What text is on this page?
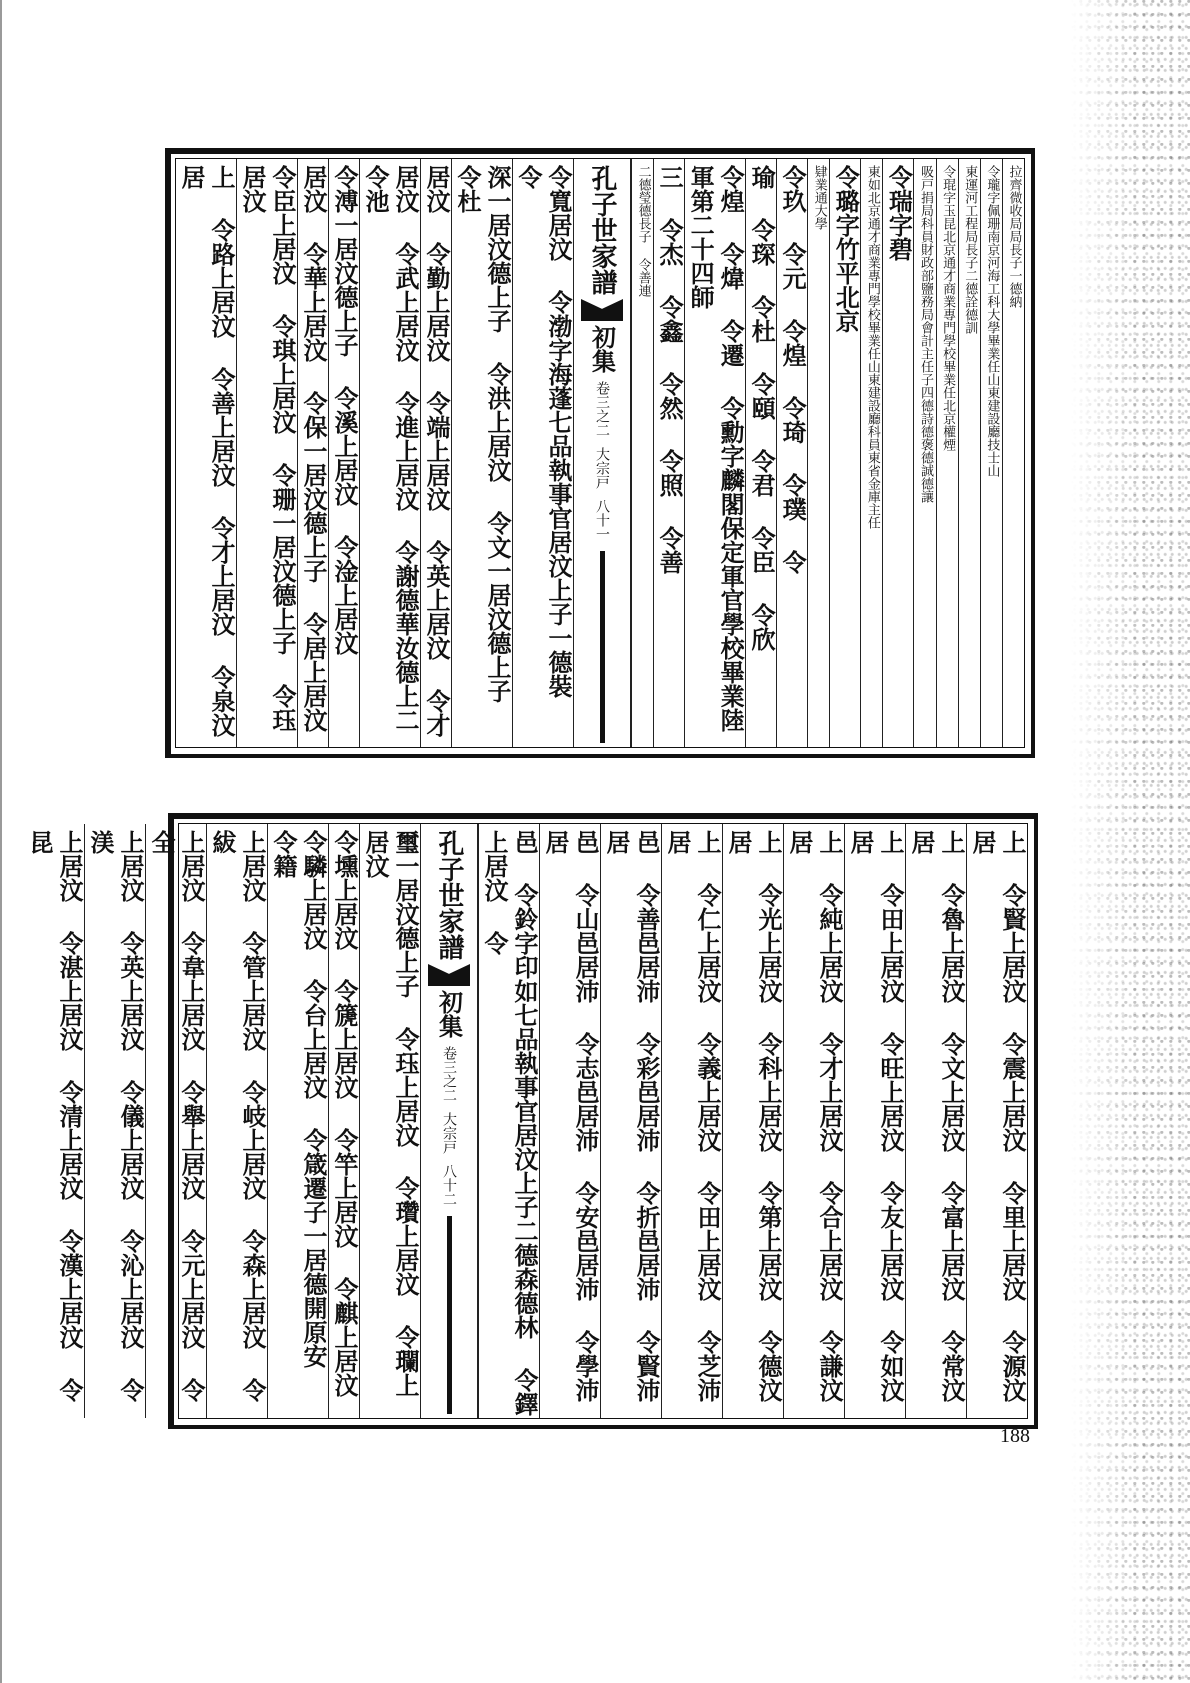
拉齊微收局局長子一德納
令瓏字佩珊南京河海工科大學畢業任山東建設廳技士山
東運河工程局長子二德詮德訓
令琨字玉昆北京通才商業專門學校畢業任北京權煙
吸戸捐局科員財政部鹽務局會計主任子四德詩德褒德誠德讓
令瑞字碧
東如北京通才商業專門學校畢業任山東建設廳科員東省金庫主任
令璐字竹平北京
肄業通大學
令玖 令元 令煌 令琦 令璞 令
瑜 令琛 令杜 令頤 令君 令臣 令欣
令煌 令煒 令遷 令勳字麟閣保定軍官學校畢業陸軍第二十四師
三 令杰 令鑫 令然 令照 令善
二德瑩德長子 令善連
孔子世家譜
初集
卷三之二
大宗戸
八十一
令寬居汶 令渤字海蓬七品執事官居汶上子一德裝 令
深一居汶德上子 令洪上居汶 令文一居汶德上子 令杜
居汶 令勤上居汶 令端上居汶 令英上居汶 令才
居汶 令武上居汶 令進上居汶 令謝德華汝德上二 令池
令溥一居汶德上子 令溪上居汶 令淦上居汶
居汶 令華上居汶 令保一居汶德上子 令居上居汶
令臣上居汶 令琪上居汶 令珊一居汶德上子 令珏居汶
上 令路上居汶 令善上居汶 令才上居汶 令泉汶居
上 令賢上居汶 令震上居汶 令里上居汶 令源汶居
上 令魯上居汶 令文上居汶 令富上居汶 令常汶居
上 令田上居汶 令旺上居汶 令友上居汶 令如汶居
上 令純上居汶 令才上居汶 令合上居汶 令謙汶居
上 令光上居汶 令科上居汶 令第上居汶 令德汶居
上 令仁上居汶 令義上居汶 令田上居汶 令芝沛居
邑 令善邑居沛 令彩邑居沛 令折邑居沛 令賢沛居
邑 令山邑居沛 令志邑居沛 令安邑居沛 令學沛居
邑 令鈴字印如七品執事官居汶上子二德森德林 令鐸上居汶 令
孔子世家譜
初集
卷三之二
大宗戸
八十二
璽一居汶德上子 令珏上居汶 令瓚上居汶 令瓓上居汶
令壎上居汶 令篪上居汶 令竿上居汶 令麒上居汶
令驎上居汶 令台上居汶 令箴遷子一居德開原安 令籍
上居汶 令管上居汶 令岐上居汶 令森上居汶 令紱
上居汶 令韋上居汶 令舉上居汶 令元上居汶 令全
上居汶 令英上居汶 令儀上居汶 令沁上居汶 令渼
上居汶 令湛上居汶 令清上居汶 令漢上居汶 令昆
188
